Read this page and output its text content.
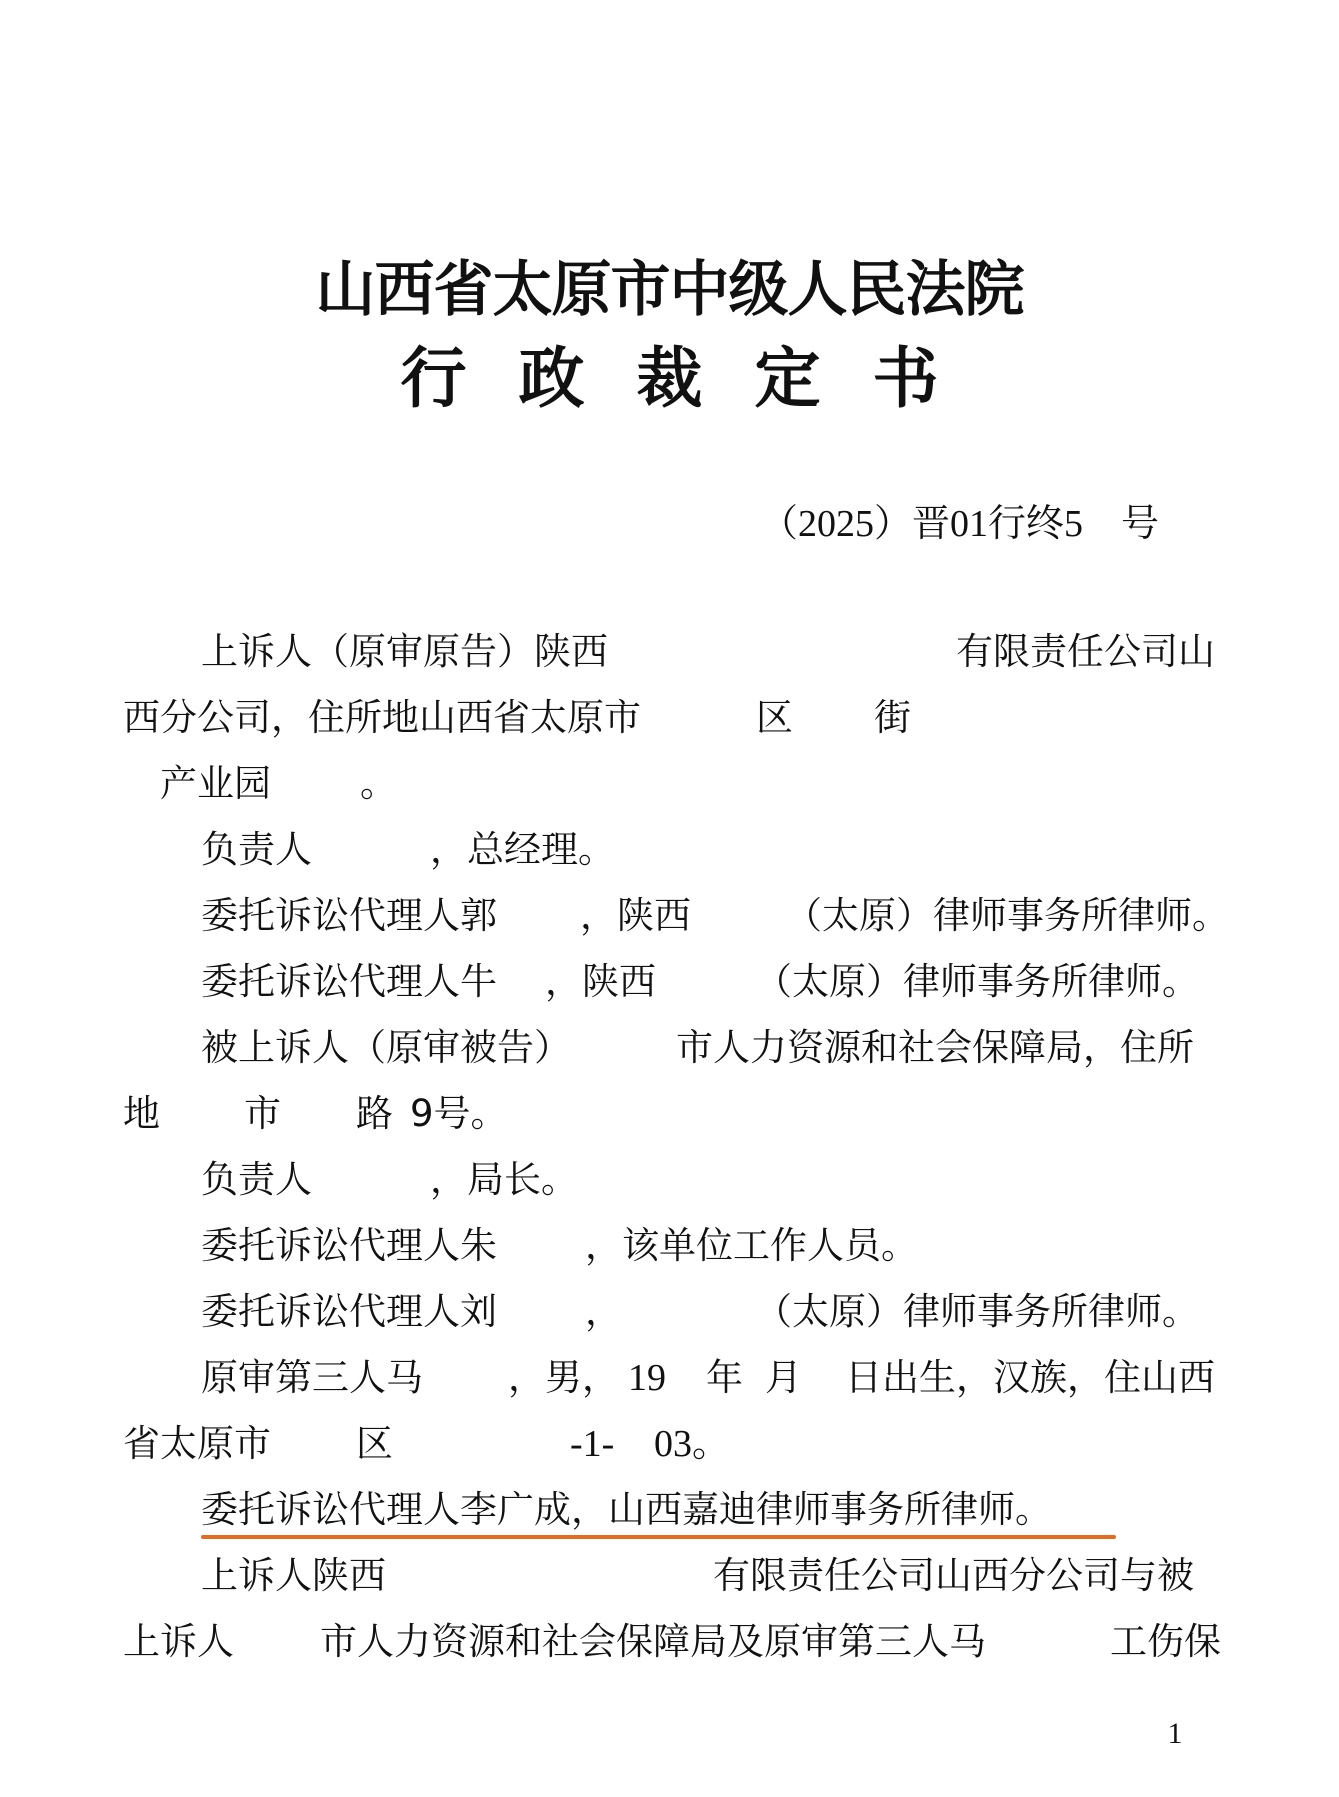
山西省太原市中级人民法院
行政裁定书
（2025）晋01行终5　号
上诉人（原审原告）陕西	有限责任公司山
西分公司，住所地山西省太原市	区 街
产业园 。
负责人	，总经理。
委托诉讼代理人郭 ，陕西	（太原）律师事务所律师。
委托诉讼代理人牛 ，陕西	（太原）律师事务所律师。
被上诉人（原审被告）	市人力资源和社会保障局，住所
地 市 路 9号。
负责人	，局长。
委托诉讼代理人朱 ，该单位工作人员。
委托诉讼代理人刘 ，	（太原）律师事务所律师。
原审第三人马 ，男， 19 年 月 日出生，汉族，住山西
省太原市 区	-1- 03。
委托诉讼代理人李广成，山西嘉迪律师事务所律师。
上诉人陕西	有限责任公司山西分公司与被
上诉人 市人力资源和社会保障局及原审第三人马	工伤保
1
